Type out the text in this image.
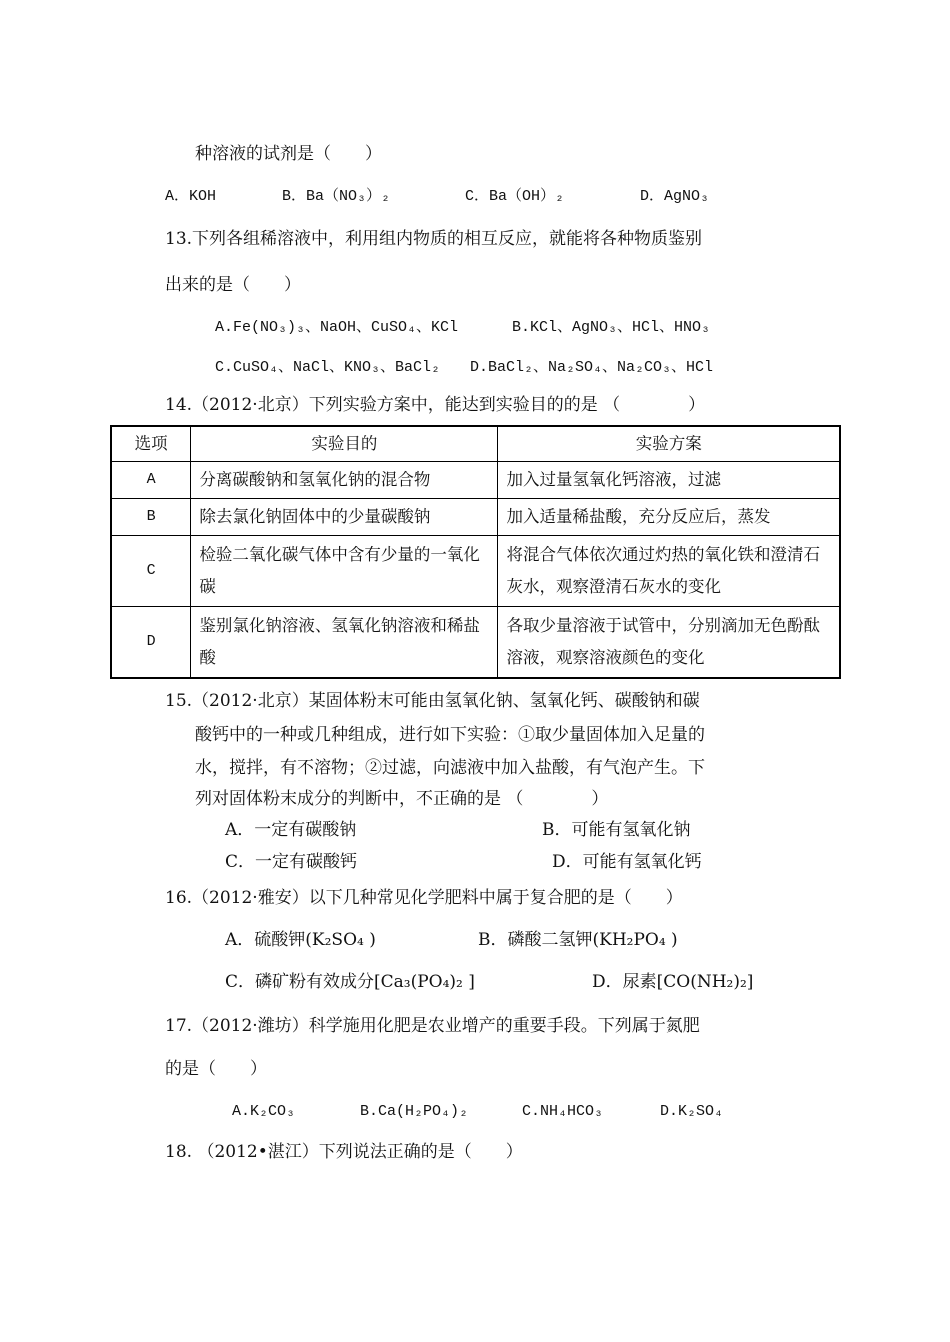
种溶液的试剂是（　　）
A．KOH	B．Ba（NO₃）₂	C．Ba（OH）₂	D．AgNO₃
13.下列各组稀溶液中，利用组内物质的相互反应，就能将各种物质鉴别
出来的是（　　）
A.Fe(NO₃)₃、NaOH、CuSO₄、KCl	B.KCl、AgNO₃、HCl、HNO₃
C.CuSO₄、NaCl、KNO₃、BaCl₂ D.BaCl₂、Na₂SO₄、Na₂CO₃、HCl
14.（2012·北京）下列实验方案中，能达到实验目的的是 （　　　　）
选项	实验目的	实验方案
A	分离碳酸钠和氢氧化钠的混合物	加入过量氢氧化钙溶液，过滤
B	除去氯化钠固体中的少量碳酸钠	加入适量稀盐酸，充分反应后，蒸发
C	检验二氧化碳气体中含有少量的一氧化碳	将混合气体依次通过灼热的氧化铁和澄清石灰水，观察澄清石灰水的变化
D	鉴别氯化钠溶液、氢氧化钠溶液和稀盐酸	各取少量溶液于试管中，分别滴加无色酚酞溶液，观察溶液颜色的变化
15.（2012·北京）某固体粉末可能由氢氧化钠、氢氧化钙、碳酸钠和碳
酸钙中的一种或几种组成，进行如下实验：①取少量固体加入足量的
水，搅拌，有不溶物；②过滤，向滤液中加入盐酸，有气泡产生。下
列对固体粉末成分的判断中，不正确的是 （　　　　）
A．一定有碳酸钠	B．可能有氢氧化钠
C．一定有碳酸钙	D．可能有氢氧化钙
16.（2012·雅安）以下几种常见化学肥料中属于复合肥的是（　　）
A．硫酸钾(K₂SO₄ )	B．磷酸二氢钾(KH₂PO₄ )
C．磷矿粉有效成分[Ca₃(PO₄)₂ ]	D．尿素[CO(NH₂)₂]
17.（2012·潍坊）科学施用化肥是农业增产的重要手段。下列属于氮肥
的是（　　）
A.K₂CO₃	B.Ca(H₂PO₄)₂	C.NH₄HCO₃	D.K₂SO₄
18. （2012•湛江）下列说法正确的是（　　）
